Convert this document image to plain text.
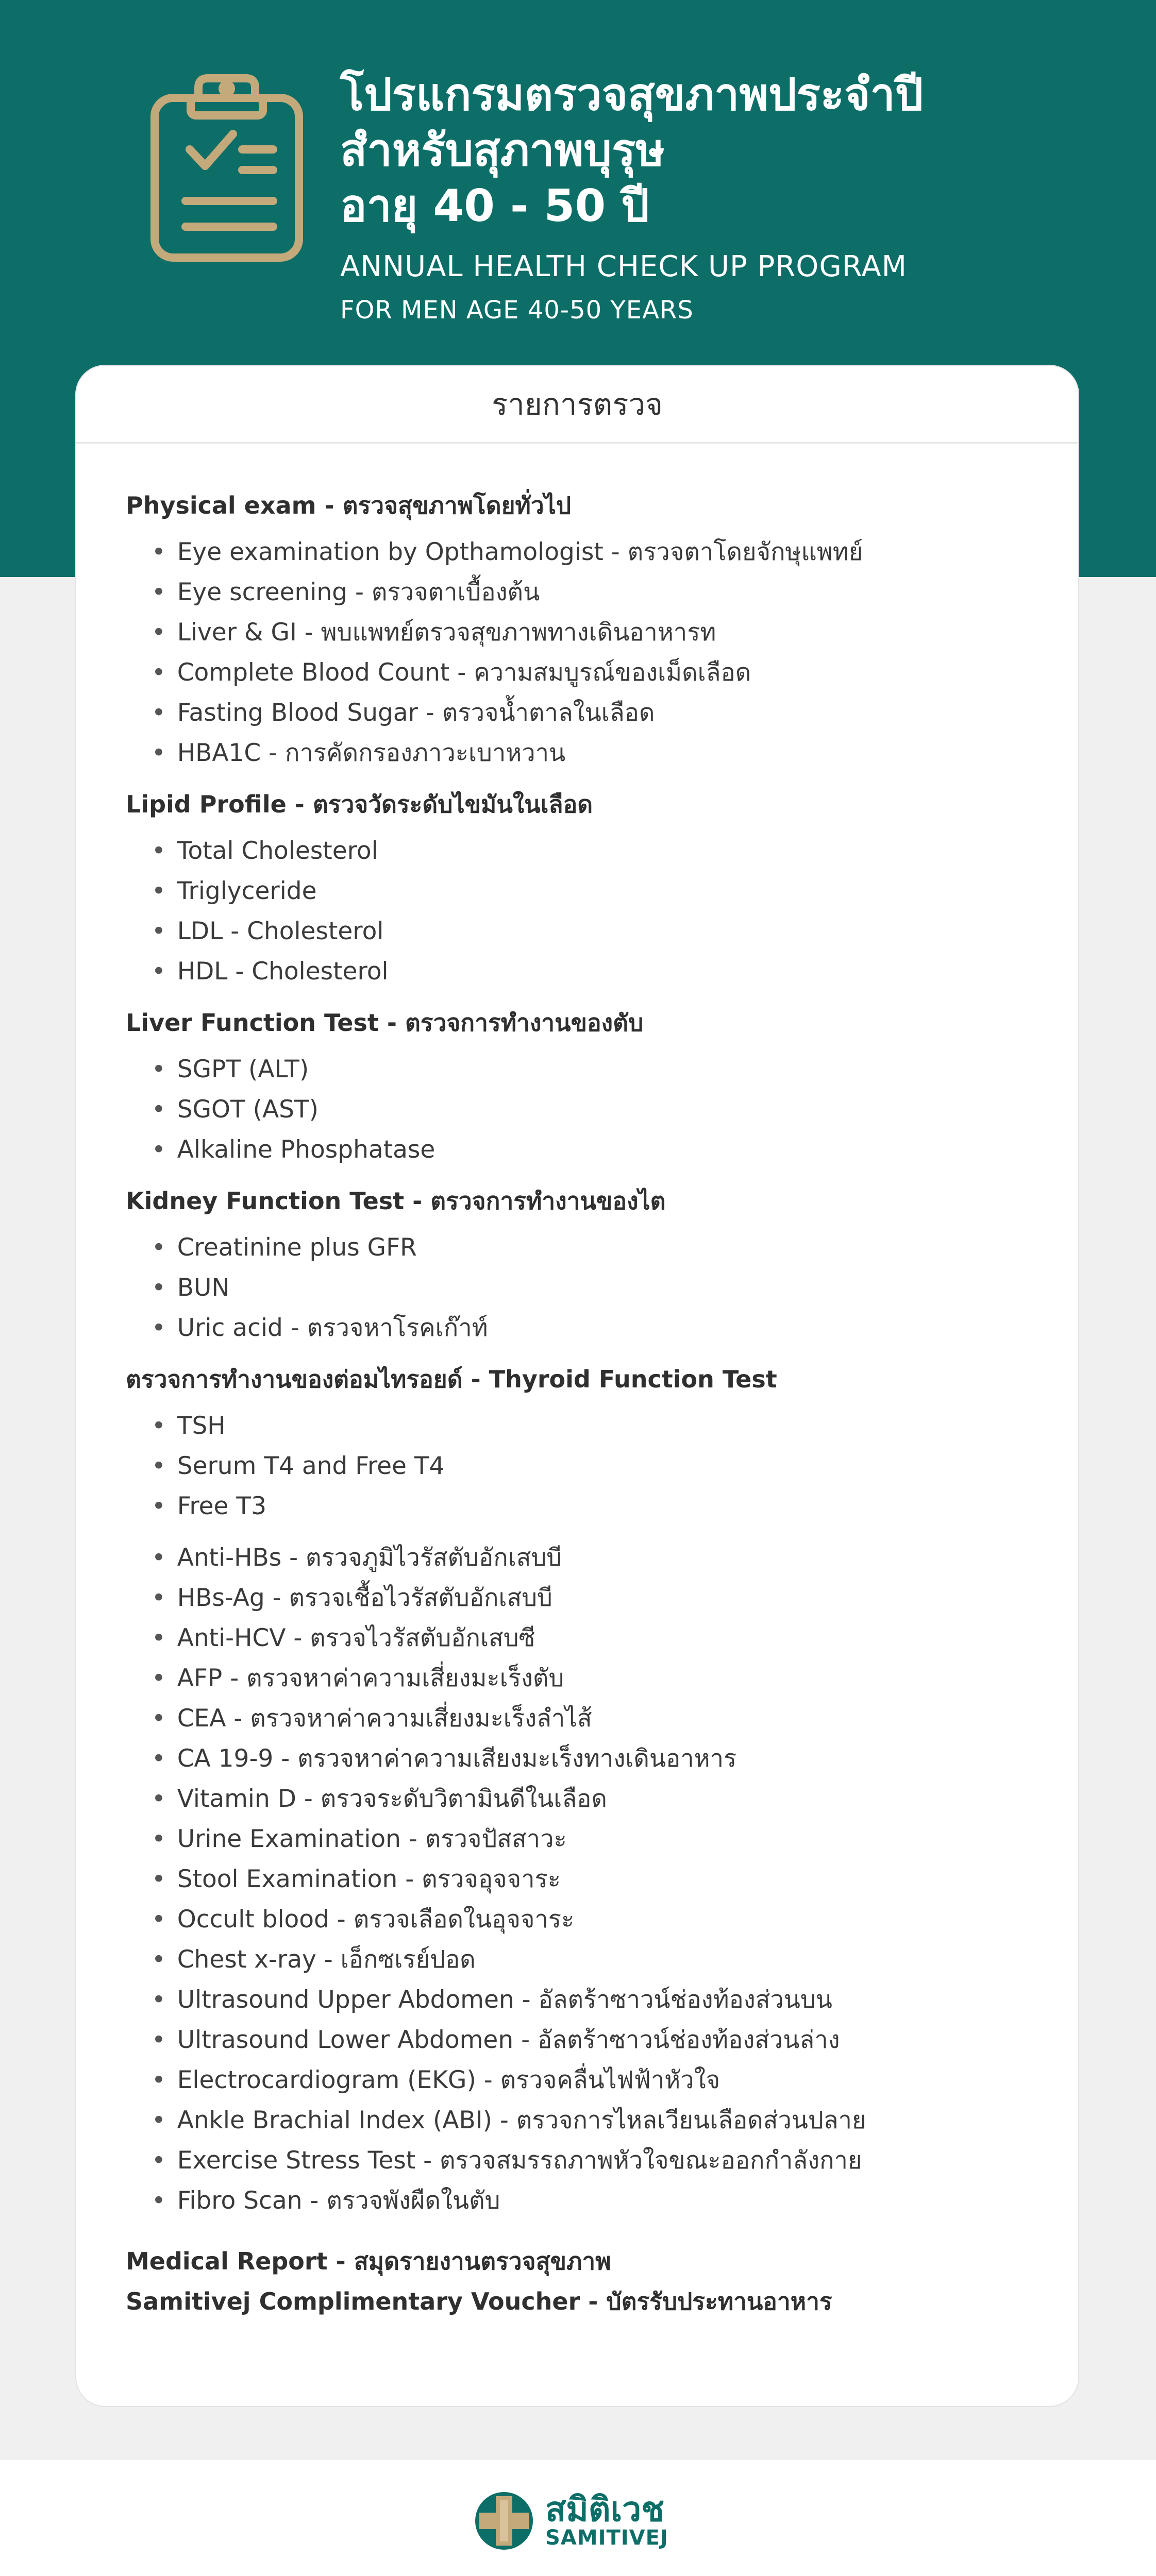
โปรแกรมตรวจสุขภาพประจำปี
สำหรับสุภาพบุรุษ
อายุ 40 - 50 ปี
ANNUAL HEALTH CHECK UP PROGRAM
FOR MEN AGE 40-50 YEARS
รายการตรวจ
Physical exam - ตรวจสุขภาพโดยทั่วไป
• Eye examination by Opthamologist - ตรวจตาโดยจักษุแพทย์
• Eye screening - ตรวจตาเบื้องต้น
• Liver & GI - พบแพทย์ตรวจสุขภาพทางเดินอาหารท
• Complete Blood Count - ความสมบูรณ์ของเม็ดเลือด
• Fasting Blood Sugar - ตรวจน้ำตาลในเลือด
• HBA1C - การคัดกรองภาวะเบาหวาน
Lipid Profile - ตรวจวัดระดับไขมันในเลือด
• Total Cholesterol
• Triglyceride
• LDL - Cholesterol
• HDL - Cholesterol
Liver Function Test - ตรวจการทำงานของตับ
• SGPT (ALT)
• SGOT (AST)
• Alkaline Phosphatase
Kidney Function Test - ตรวจการทำงานของไต
• Creatinine plus GFR
• BUN
• Uric acid - ตรวจหาโรคเก๊าท์
ตรวจการทำงานของต่อมไทรอยด์ - Thyroid Function Test
• TSH
• Serum T4 and Free T4
• Free T3
• Anti-HBs - ตรวจภูมิไวรัสตับอักเสบบี
• HBs-Ag - ตรวจเชื้อไวรัสตับอักเสบบี
• Anti-HCV - ตรวจไวรัสตับอักเสบซี
• AFP - ตรวจหาค่าความเสี่ยงมะเร็งตับ
• CEA - ตรวจหาค่าความเสี่ยงมะเร็งลำไส้
• CA 19-9 - ตรวจหาค่าความเสียงมะเร็งทางเดินอาหาร
• Vitamin D - ตรวจระดับวิตามินดีในเลือด
• Urine Examination - ตรวจปัสสาวะ
• Stool Examination - ตรวจอุจจาระ
• Occult blood - ตรวจเลือดในอุจจาระ
• Chest x-ray - เอ็กซเรย์ปอด
• Ultrasound Upper Abdomen - อัลตร้าซาวน์ช่องท้องส่วนบน
• Ultrasound Lower Abdomen - อัลตร้าซาวน์ช่องท้องส่วนล่าง
• Electrocardiogram (EKG) - ตรวจคลื่นไฟฟ้าหัวใจ
• Ankle Brachial Index (ABI) - ตรวจการไหลเวียนเลือดส่วนปลาย
• Exercise Stress Test - ตรวจสมรรถภาพหัวใจขณะออกกำลังกาย
• Fibro Scan - ตรวจพังผืดในตับ
Medical Report - สมุดรายงานตรวจสุขภาพ
Samitivej Complimentary Voucher - บัตรรับประทานอาหาร
สมิติเวช
SAMITIVEJ
